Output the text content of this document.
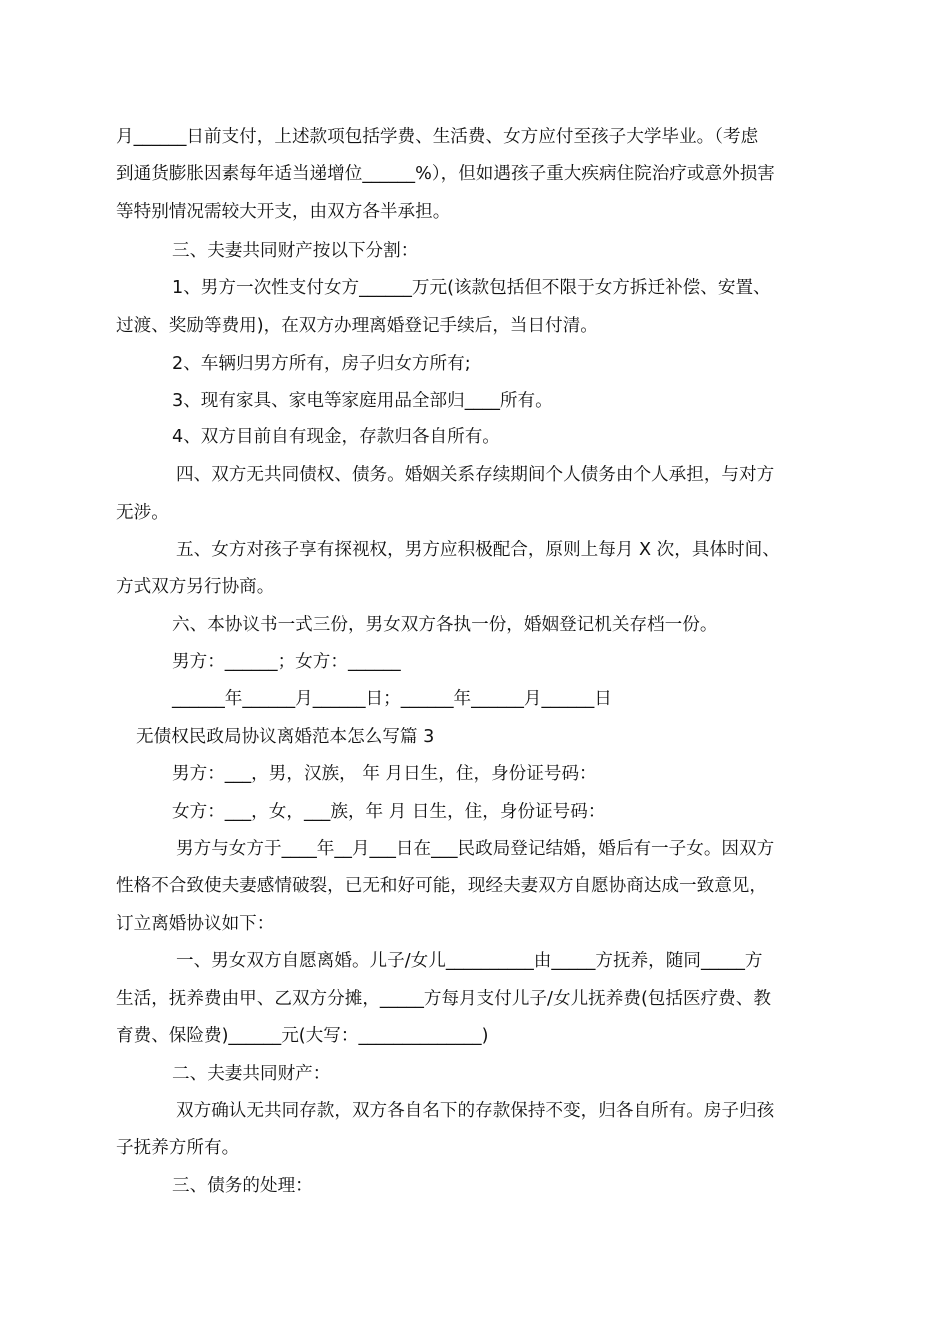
月______日前支付，上述款项包括学费、生活费、女方应付至孩子大学毕业。（考虑
到通货膨胀因素每年适当递增位______%），但如遇孩子重大疾病住院治疗或意外损害
等特别情况需较大开支，由双方各半承担。
三、夫妻共同财产按以下分割：
1、男方一次性支付女方______万元(该款包括但不限于女方拆迁补偿、安置、
过渡、奖励等费用)，在双方办理离婚登记手续后，当日付清。
2、车辆归男方所有，房子归女方所有;
3、现有家具、家电等家庭用品全部归____所有。
4、双方目前自有现金，存款归各自所有。
四、双方无共同债权、债务。婚姻关系存续期间个人债务由个人承担，与对方
无涉。
五、女方对孩子享有探视权，男方应积极配合，原则上每月 X 次，具体时间、
方式双方另行协商。
六、本协议书一式三份，男女双方各执一份，婚姻登记机关存档一份。
男方：______；女方：______
______年______月______日；______年______月______日
无债权民政局协议离婚范本怎么写篇 3
男方：___，男，汉族， 年 月日生，住，身份证号码：
女方：___，女，___族，年 月 日生，住，身份证号码：
男方与女方于____年__月___日在___民政局登记结婚，婚后有一子女。因双方
性格不合致使夫妻感情破裂，已无和好可能，现经夫妻双方自愿协商达成一致意见，
订立离婚协议如下：
一、男女双方自愿离婚。儿子/女儿__________由_____方抚养，随同_____方
生活，抚养费由甲、乙双方分摊，_____方每月支付儿子/女儿抚养费(包括医疗费、教
育费、保险费)______元(大写：______________)
二、夫妻共同财产：
双方确认无共同存款，双方各自名下的存款保持不变，归各自所有。房子归孩
子抚养方所有。
三、债务的处理：
